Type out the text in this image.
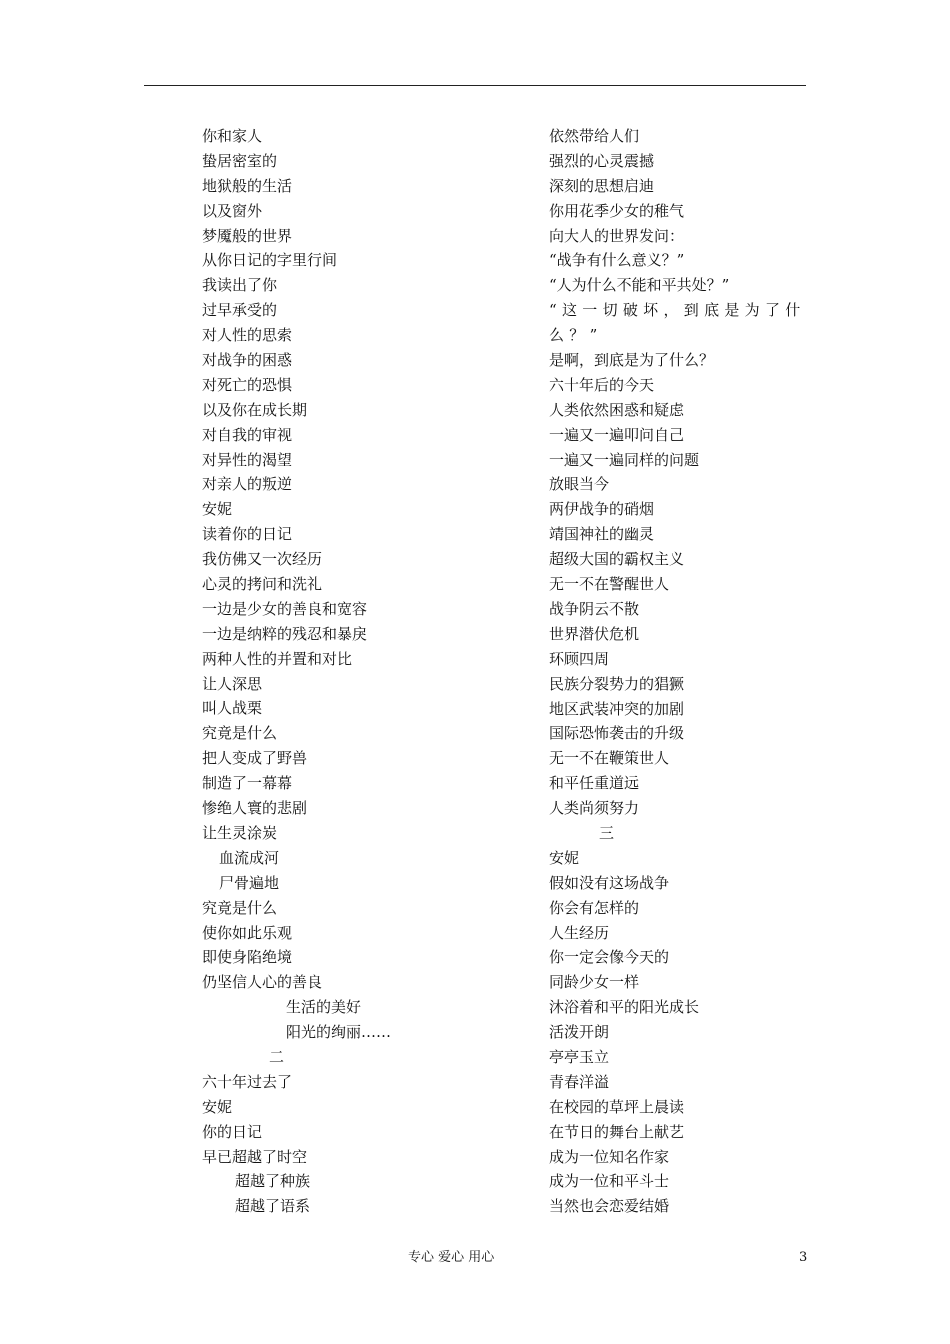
你和家人
蛰居密室的
地狱般的生活
以及窗外
梦魇般的世界
从你日记的字里行间
我读出了你
过早承受的
对人性的思索
对战争的困惑
对死亡的恐惧
以及你在成长期
对自我的审视
对异性的渴望
对亲人的叛逆
安妮
读着你的日记
我仿佛又一次经历
心灵的拷问和洗礼
一边是少女的善良和宽容
一边是纳粹的残忍和暴戾
两种人性的并置和对比
让人深思
叫人战栗
究竟是什么
把人变成了野兽
制造了一幕幕
惨绝人寰的悲剧
让生灵涂炭
血流成河
尸骨遍地
究竟是什么
使你如此乐观
即使身陷绝境
仍坚信人心的善良
生活的美好
阳光的绚丽……
二
六十年过去了
安妮
你的日记
早已超越了时空
超越了种族
超越了语系
依然带给人们
强烈的心灵震撼
深刻的思想启迪
你用花季少女的稚气
向大人的世界发问：
“战争有什么意义？”
“人为什么不能和平共处？”
“这一切破坏，到底是为了什么？”
是啊，到底是为了什么？
六十年后的今天
人类依然困惑和疑虑
一遍又一遍叩问自己
一遍又一遍同样的问题
放眼当今
两伊战争的硝烟
靖国神社的幽灵
超级大国的霸权主义
无一不在警醒世人
战争阴云不散
世界潜伏危机
环顾四周
民族分裂势力的猖獗
地区武装冲突的加剧
国际恐怖袭击的升级
无一不在鞭策世人
和平任重道远
人类尚须努力
三
安妮
假如没有这场战争
你会有怎样的
人生经历
你一定会像今天的
同龄少女一样
沐浴着和平的阳光成长
活泼开朗
亭亭玉立
青春洋溢
在校园的草坪上晨读
在节日的舞台上献艺
成为一位知名作家
成为一位和平斗士
当然也会恋爱结婚
专心 爱心 用心	3
